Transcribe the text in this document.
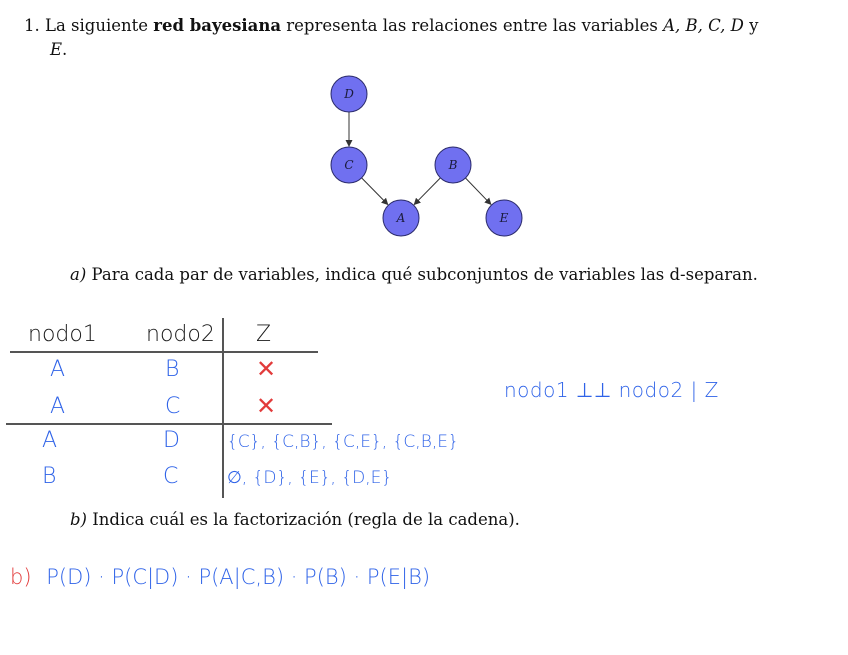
1. La siguiente red bayesiana representa las relaciones entre las variables A, B, C, D y
E.
D
C	B
A	E
a) Para cada par de variables, indica qué subconjuntos de variables las d-separan.
nodo1 nodo2 Z
A	B	✕
A	C	✕
A	D	{C}, {C,B}, {C,E}, {C,B,E}
B	C	∅, {D}, {E}, {D,E}
nodo1 ⊥⊥ nodo2 | Z
b) Indica cuál es la factorización (regla de la cadena).
b) P(D) · P(C|D) · P(A|C,B) · P(B) · P(E|B)
